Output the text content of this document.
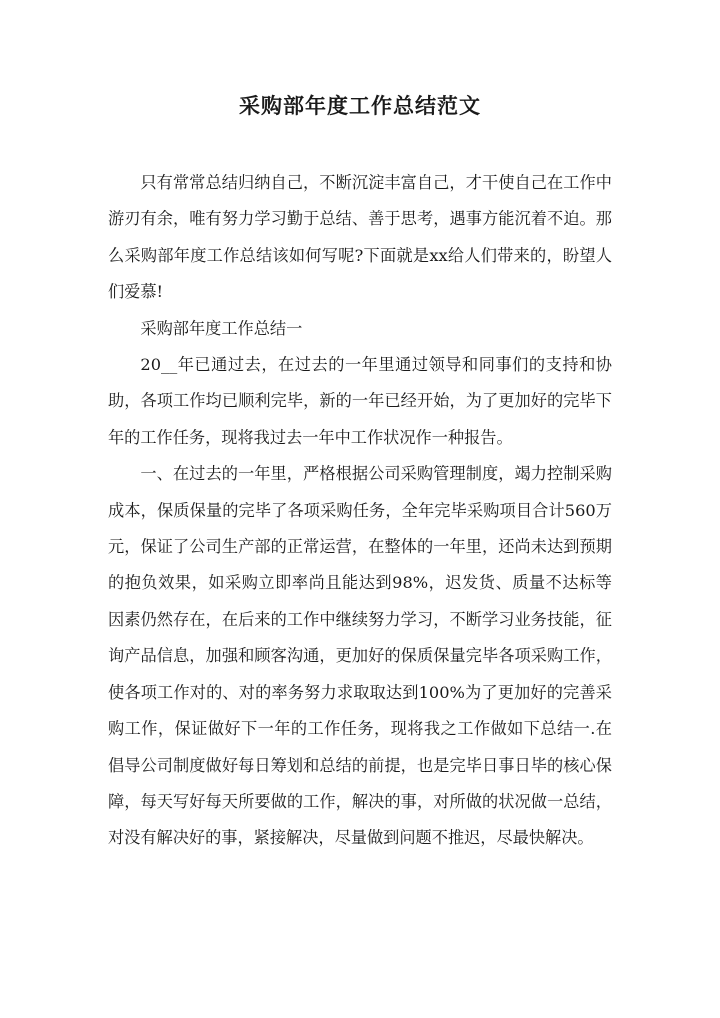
采购部年度工作总结范文

只有常常总结归纳自己，不断沉淀丰富自己，才干使自己在工作中游刃有余，唯有努力学习勤于总结、善于思考，遇事方能沉着不迫。那么采购部年度工作总结该如何写呢?下面就是xx给人们带来的，盼望人们爱慕!

采购部年度工作总结一

20__年已通过去，在过去的一年里通过领导和同事们的支持和协助，各项工作均已顺利完毕，新的一年已经开始，为了更加好的完毕下年的工作任务，现将我过去一年中工作状况作一种报告。

一、在过去的一年里，严格根据公司采购管理制度，竭力控制采购成本，保质保量的完毕了各项采购任务，全年完毕采购项目合计560万元，保证了公司生产部的正常运营，在整体的一年里，还尚未达到预期的抱负效果，如采购立即率尚且能达到98%，迟发货、质量不达标等因素仍然存在，在后来的工作中继续努力学习，不断学习业务技能，征询产品信息，加强和顾客沟通，更加好的保质保量完毕各项采购工作，使各项工作对的、对的率务努力求取取达到100%为了更加好的完善采购工作，保证做好下一年的工作任务，现将我之工作做如下总结一.在倡导公司制度做好每日筹划和总结的前提，也是完毕日事日毕的核心保障，每天写好每天所要做的工作，解决的事，对所做的状况做一总结，对没有解决好的事，紧接解决，尽量做到问题不推迟，尽最快解决。
